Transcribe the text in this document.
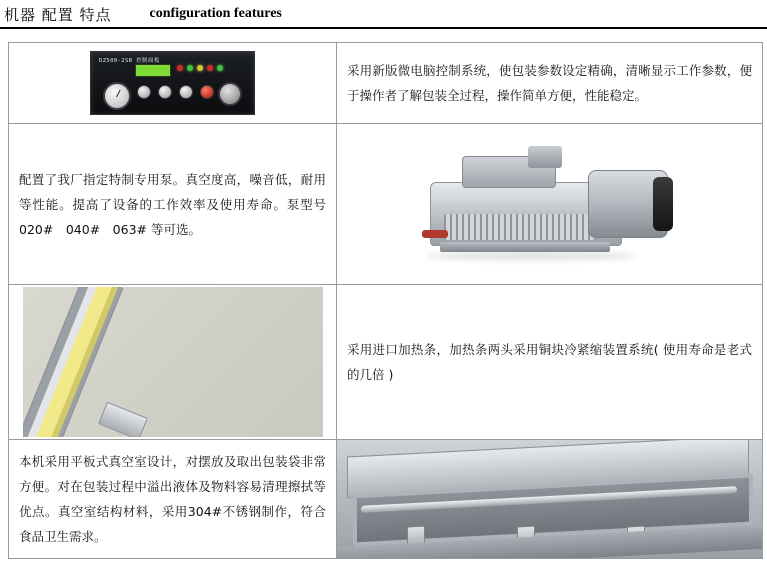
机器 配置 特点	configuration features
DZ500-2SB 控制面板	采用新版微电脑控制系统，使包装参数设定精确，清晰显示工作参数，便于操作者了解包装全过程，操作简单方便，性能稳定。

配置了我厂指定特制专用泵。真空度高，噪音低，耐用等性能。提高了设备的工作效率及使用寿命。泵型号 020#　040#　063# 等可选。	

	采用进口加热条，加热条两头采用铜块冷紧缩装置系统( 使用寿命是老式的几倍 )

本机采用平板式真空室设计，对摆放及取出包装袋非常方便。对在包装过程中溢出液体及物料容易清理擦拭等优点。真空室结构材料，采用304#不锈钢制作，符合食品卫生需求。	
